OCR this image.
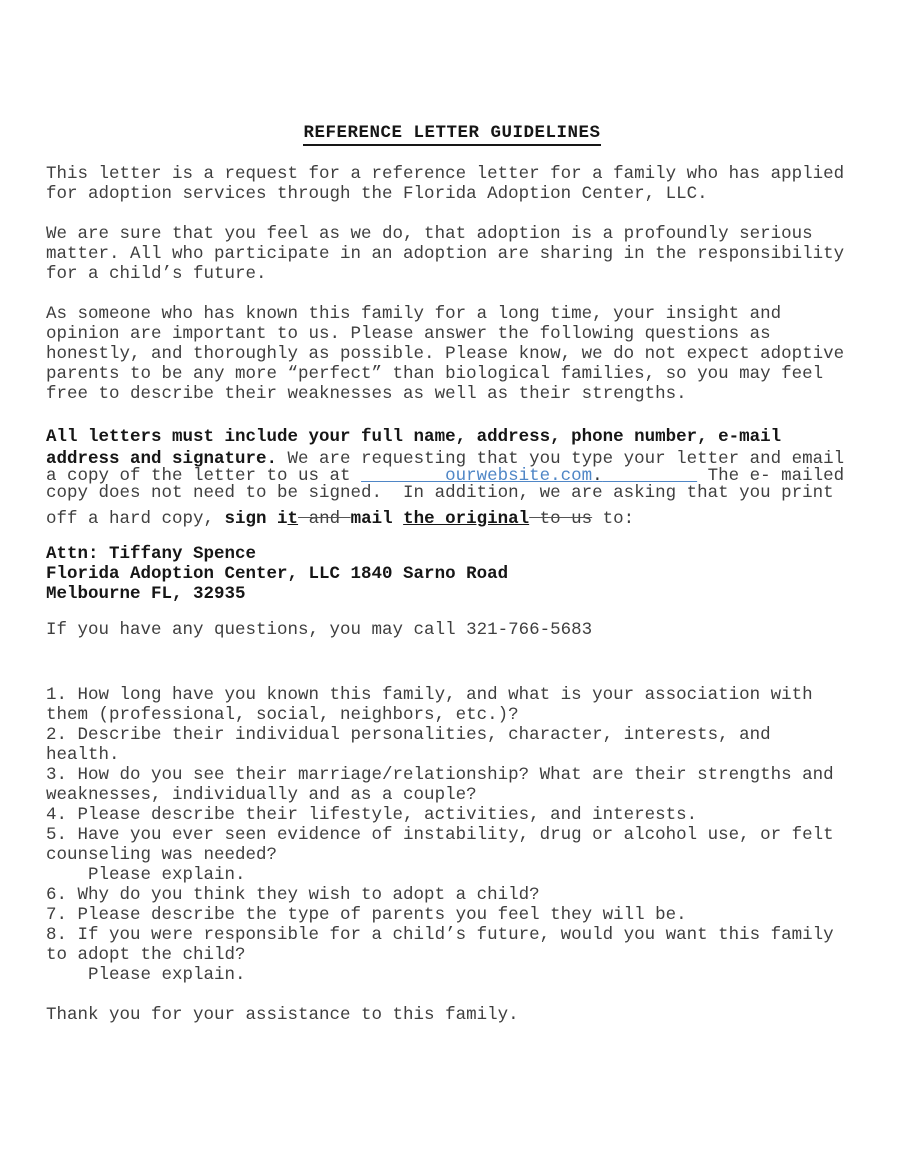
REFERENCE LETTER GUIDELINES
This letter is a request for a reference letter for a family who has applied
for adoption services through the Florida Adoption Center, LLC.
We are sure that you feel as we do, that adoption is a profoundly serious
matter. All who participate in an adoption are sharing in the responsibility
for a child’s future.
As someone who has known this family for a long time, your insight and
opinion are important to us. Please answer the following questions as
honestly, and thoroughly as possible. Please know, we do not expect adoptive
parents to be any more “perfect” than biological families, so you may feel
free to describe their weaknesses as well as their strengths.
All letters must include your full name, address, phone number, e-mail
address and signature. We are requesting that you type your letter and email
a copy of the letter to us at	ourwebsite.com.	The e- mailed
copy does not need to be signed.  In addition, we are asking that you print
off a hard copy, sign it and mail the original to us to:
Attn: Tiffany Spence
Florida Adoption Center, LLC 1840 Sarno Road
Melbourne FL, 32935
If you have any questions, you may call 321-766-5683
1. How long have you known this family, and what is your association with
them (professional, social, neighbors, etc.)?
2. Describe their individual personalities, character, interests, and
health.
3. How do you see their marriage/relationship? What are their strengths and
weaknesses, individually and as a couple?
4. Please describe their lifestyle, activities, and interests.
5. Have you ever seen evidence of instability, drug or alcohol use, or felt
counseling was needed?
Please explain.
6. Why do you think they wish to adopt a child?
7. Please describe the type of parents you feel they will be.
8. If you were responsible for a child’s future, would you want this family
to adopt the child?
Please explain.
Thank you for your assistance to this family.
